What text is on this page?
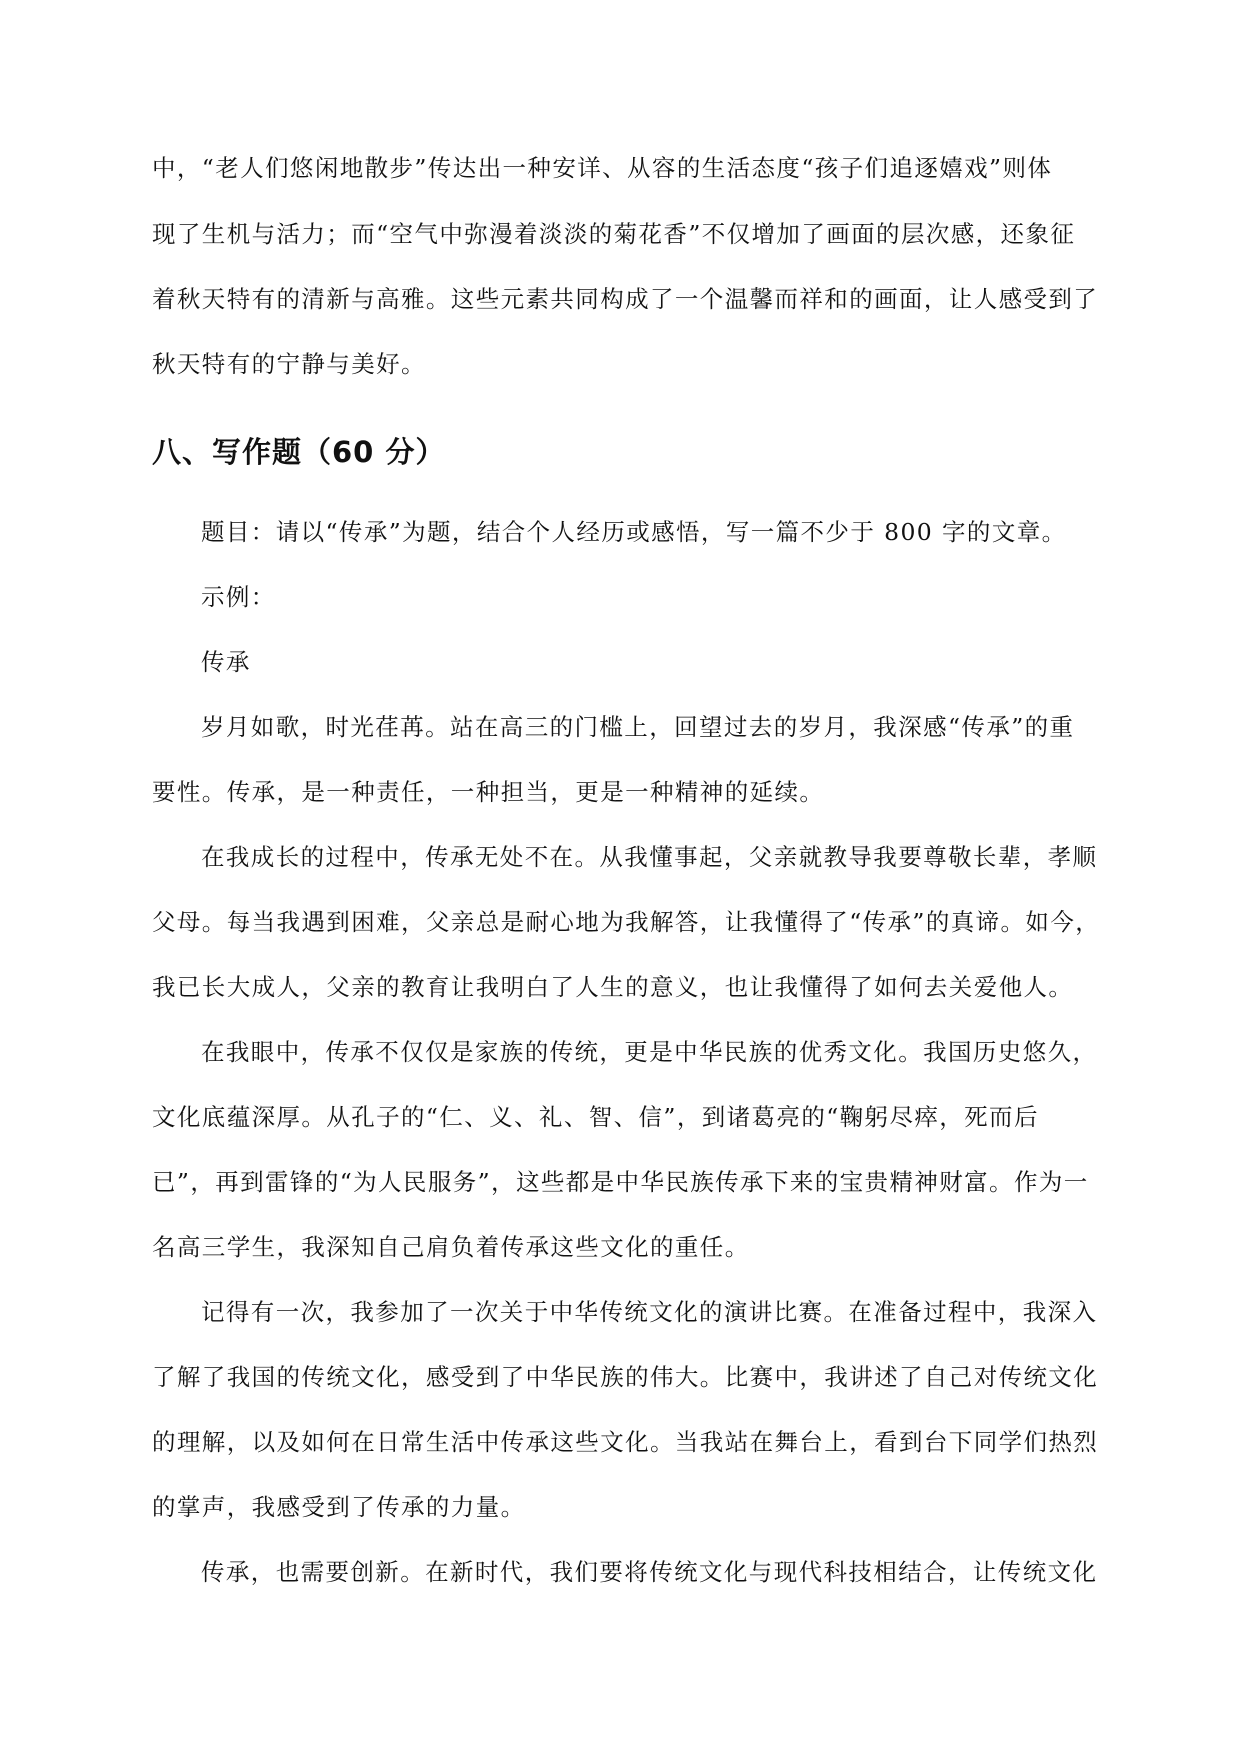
中，“老人们悠闲地散步”传达出一种安详、从容的生活态度“孩子们追逐嬉戏”则体
现了生机与活力；而“空气中弥漫着淡淡的菊花香”不仅增加了画面的层次感，还象征
着秋天特有的清新与高雅。这些元素共同构成了一个温馨而祥和的画面，让人感受到了
秋天特有的宁静与美好。
八、写作题（60 分）
题目：请以“传承”为题，结合个人经历或感悟，写一篇不少于 800 字的文章。
示例：
传承
岁月如歌，时光荏苒。站在高三的门槛上，回望过去的岁月，我深感“传承”的重
要性。传承，是一种责任，一种担当，更是一种精神的延续。
在我成长的过程中，传承无处不在。从我懂事起，父亲就教导我要尊敬长辈，孝顺
父母。每当我遇到困难，父亲总是耐心地为我解答，让我懂得了“传承”的真谛。如今，
我已长大成人，父亲的教育让我明白了人生的意义，也让我懂得了如何去关爱他人。
在我眼中，传承不仅仅是家族的传统，更是中华民族的优秀文化。我国历史悠久，
文化底蕴深厚。从孔子的“仁、义、礼、智、信”，到诸葛亮的“鞠躬尽瘁，死而后
已”，再到雷锋的“为人民服务”，这些都是中华民族传承下来的宝贵精神财富。作为一
名高三学生，我深知自己肩负着传承这些文化的重任。
记得有一次，我参加了一次关于中华传统文化的演讲比赛。在准备过程中，我深入
了解了我国的传统文化，感受到了中华民族的伟大。比赛中，我讲述了自己对传统文化
的理解，以及如何在日常生活中传承这些文化。当我站在舞台上，看到台下同学们热烈
的掌声，我感受到了传承的力量。
传承，也需要创新。在新时代，我们要将传统文化与现代科技相结合，让传统文化
